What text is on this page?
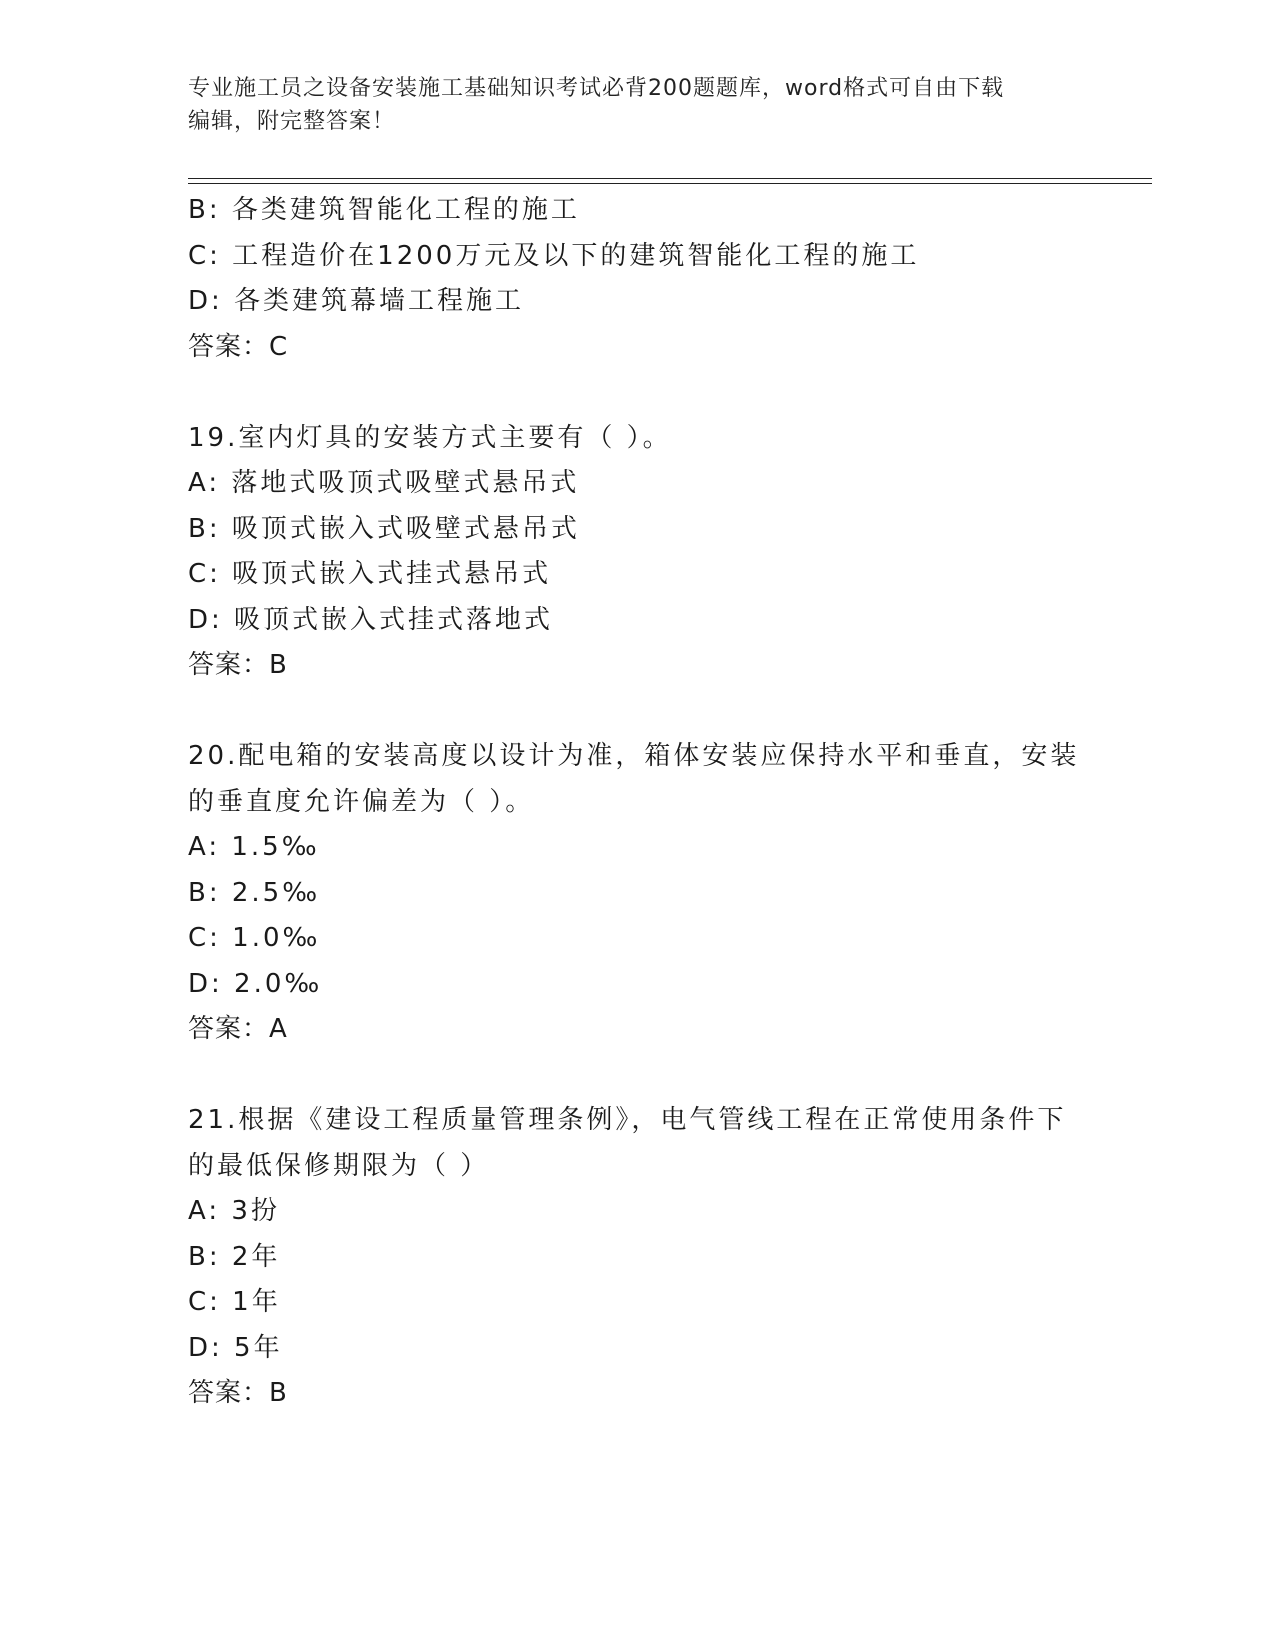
专业施工员之设备安装施工基础知识考试必背200题题库，word格式可自由下载
编辑，附完整答案！
B: 各类建筑智能化工程的施工
C: 工程造价在1200万元及以下的建筑智能化工程的施工
D: 各类建筑幕墙工程施工
答案：C
19.室内灯具的安装方式主要有（ ）。
A: 落地式吸顶式吸壁式悬吊式
B: 吸顶式嵌入式吸壁式悬吊式
C: 吸顶式嵌入式挂式悬吊式
D: 吸顶式嵌入式挂式落地式
答案：B
20.配电箱的安装高度以设计为准，箱体安装应保持水平和垂直，安装
的垂直度允许偏差为（ ）。
A: 1.5‰
B: 2.5‰
C: 1.0‰
D: 2.0‰
答案：A
21.根据《建设工程质量管理条例》，电气管线工程在正常使用条件下
的最低保修期限为（ ）
A: 3扮
B: 2年
C: 1年
D: 5年
答案：B
